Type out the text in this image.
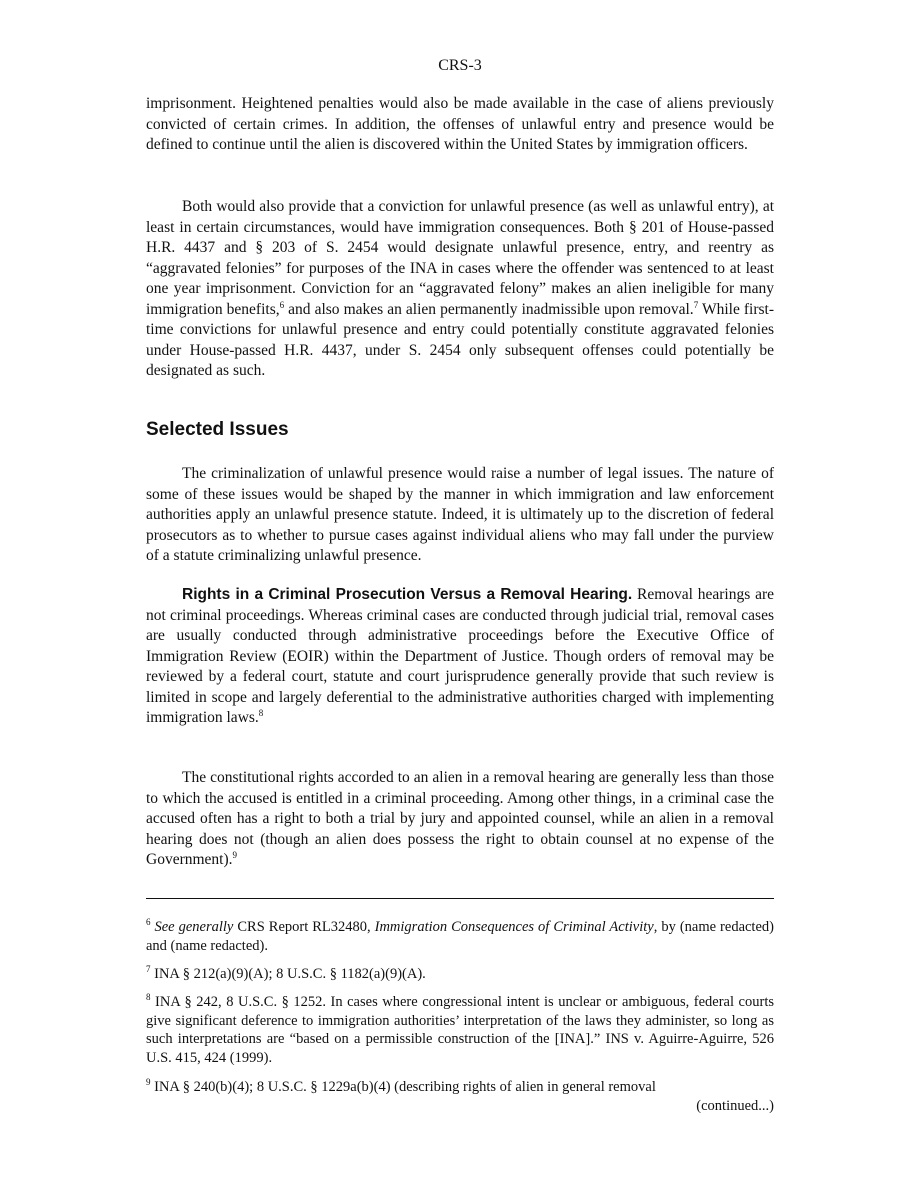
CRS-3

imprisonment. Heightened penalties would also be made available in the case of aliens previously convicted of certain crimes. In addition, the offenses of unlawful entry and presence would be defined to continue until the alien is discovered within the United States by immigration officers.

Both would also provide that a conviction for unlawful presence (as well as unlawful entry), at least in certain circumstances, would have immigration consequences. Both § 201 of House-passed H.R. 4437 and § 203 of S. 2454 would designate unlawful presence, entry, and reentry as “aggravated felonies” for purposes of the INA in cases where the offender was sentenced to at least one year imprisonment. Conviction for an “aggravated felony” makes an alien ineligible for many immigration benefits,$^6$ and also makes an alien permanently inadmissible upon removal.$^7$ While first-time convictions for unlawful presence and entry could potentially constitute aggravated felonies under House-passed H.R. 4437, under S. 2454 only subsequent offenses could potentially be designated as such.

Selected Issues

The criminalization of unlawful presence would raise a number of legal issues. The nature of some of these issues would be shaped by the manner in which immigration and law enforcement authorities apply an unlawful presence statute. Indeed, it is ultimately up to the discretion of federal prosecutors as to whether to pursue cases against individual aliens who may fall under the purview of a statute criminalizing unlawful presence.

Rights in a Criminal Prosecution Versus a Removal Hearing. Removal hearings are not criminal proceedings. Whereas criminal cases are conducted through judicial trial, removal cases are usually conducted through administrative proceedings before the Executive Office of Immigration Review (EOIR) within the Department of Justice. Though orders of removal may be reviewed by a federal court, statute and court jurisprudence generally provide that such review is limited in scope and largely deferential to the administrative authorities charged with implementing immigration laws.$^8$

The constitutional rights accorded to an alien in a removal hearing are generally less than those to which the accused is entitled in a criminal proceeding. Among other things, in a criminal case the accused often has a right to both a trial by jury and appointed counsel, while an alien in a removal hearing does not (though an alien does possess the right to obtain counsel at no expense of the Government).$^9$

$^6$ See generally CRS Report RL32480, Immigration Consequences of Criminal Activity, by (name redacted) and (name redacted).

$^7$ INA § 212(a)(9)(A); 8 U.S.C. § 1182(a)(9)(A).

$^8$ INA § 242, 8 U.S.C. § 1252. In cases where congressional intent is unclear or ambiguous, federal courts give significant deference to immigration authorities’ interpretation of the laws they administer, so long as such interpretations are “based on a permissible construction of the [INA].” INS v. Aguirre-Aguirre, 526 U.S. 415, 424 (1999).

$^9$ INA § 240(b)(4); 8 U.S.C. § 1229a(b)(4) (describing rights of alien in general removal

(continued...)
